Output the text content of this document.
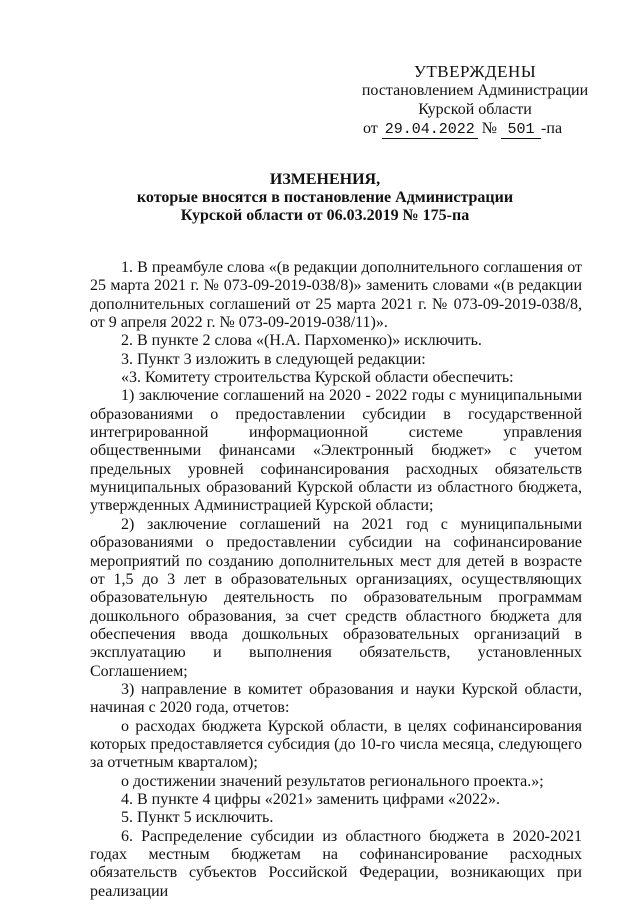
УТВЕРЖДЕНЫ
постановлением Администрации
Курской области
от 29.04.2022 № 501 -па
ИЗМЕНЕНИЯ,
которые вносятся в постановление Администрации
Курской области от 06.03.2019 № 175-па

1. В преамбуле слова «(в редакции дополнительного соглашения от 25 марта 2021 г. № 073-09-2019-038/8)» заменить словами «(в редакции дополнительных соглашений от 25 марта 2021 г. № 073-09-2019-038/8, от 9 апреля 2022 г. № 073-09-2019-038/11)».

2. В пункте 2 слова «(Н.А. Пархоменко)» исключить.

3. Пункт 3 изложить в следующей редакции:

«3. Комитету строительства Курской области обеспечить:

1) заключение соглашений на 2020 - 2022 годы с муниципальными образованиями о предоставлении субсидии в государственной интегрированной информационной системе управления общественными финансами «Электронный бюджет» с учетом предельных уровней софинансирования расходных обязательств муниципальных образований Курской области из областного бюджета, утвержденных Администрацией Курской области;

2) заключение соглашений на 2021 год с муниципальными образованиями о предоставлении субсидии на софинансирование мероприятий по созданию дополнительных мест для детей в возрасте от 1,5 до 3 лет в образовательных организациях, осуществляющих образовательную деятельность по образовательным программам дошкольного образования, за счет средств областного бюджета для обеспечения ввода дошкольных образовательных организаций в эксплуатацию и выполнения обязательств, установленных Соглашением;

3) направление в комитет образования и науки Курской области, начиная с 2020 года, отчетов:

о расходах бюджета Курской области, в целях софинансирования которых предоставляется субсидия (до 10-го числа месяца, следующего за отчетным кварталом);

о достижении значений результатов регионального проекта.»;

4. В пункте 4 цифры «2021» заменить цифрами «2022».

5. Пункт 5 исключить.

6. Распределение субсидии из областного бюджета в 2020-2021 годах местным бюджетам на софинансирование расходных обязательств субъектов Российской Федерации, возникающих при реализации
